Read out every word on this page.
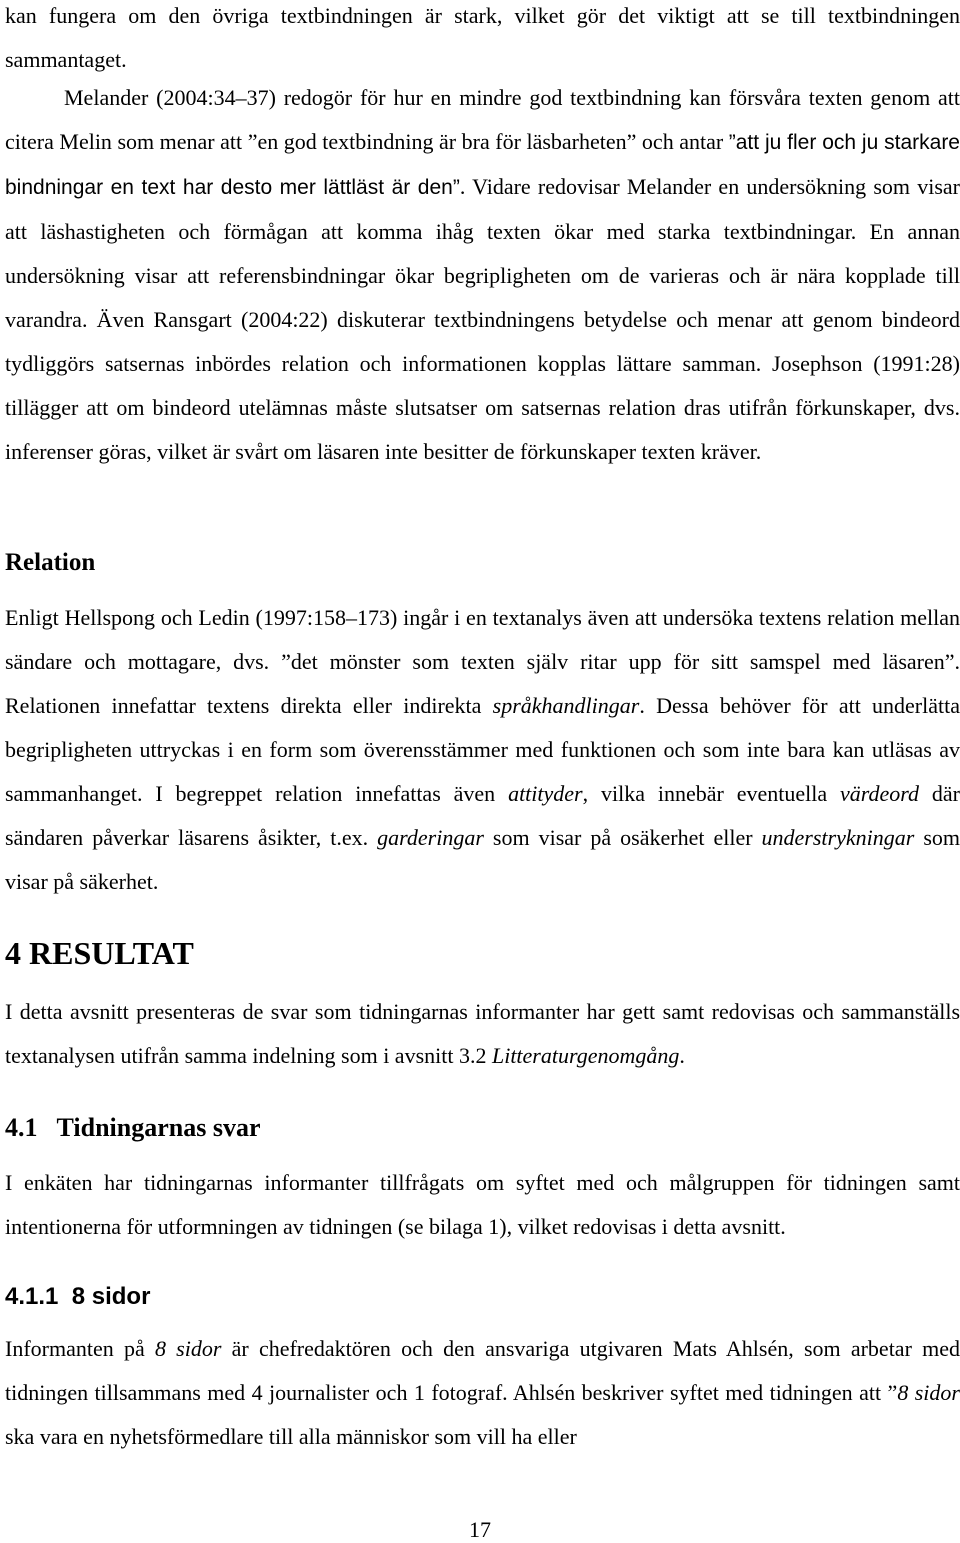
kan fungera om den övriga textbindningen är stark, vilket gör det viktigt att se till textbindningen sammantaget.

Melander (2004:34–37) redogör för hur en mindre god textbindning kan försvåra texten genom att citera Melin som menar att ”en god textbindning är bra för läsbarheten” och antar ”att ju fler och ju starkare bindningar en text har desto mer lättläst är den”. Vidare redovisar Melander en undersökning som visar att läshastigheten och förmågan att komma ihåg texten ökar med starka textbindningar. En annan undersökning visar att referensbindningar ökar begripligheten om de varieras och är nära kopplade till varandra. Även Ransgart (2004:22) diskuterar textbindningens betydelse och menar att genom bindeord tydliggörs satsernas inbördes relation och informationen kopplas lättare samman. Josephson (1991:28) tillägger att om bindeord utelämnas måste slutsatser om satsernas relation dras utifrån förkunskaper, dvs. inferenser göras, vilket är svårt om läsaren inte besitter de förkunskaper texten kräver.

Relation

Enligt Hellspong och Ledin (1997:158–173) ingår i en textanalys även att undersöka textens relation mellan sändare och mottagare, dvs. ”det mönster som texten själv ritar upp för sitt samspel med läsaren”. Relationen innefattar textens direkta eller indirekta språkhandlingar. Dessa behöver för att underlätta begripligheten uttryckas i en form som överensstämmer med funktionen och som inte bara kan utläsas av sammanhanget. I begreppet relation innefattas även attityder, vilka innebär eventuella värdeord där sändaren påverkar läsarens åsikter, t.ex. garderingar som visar på osäkerhet eller understrykningar som visar på säkerhet.

4 RESULTAT

I detta avsnitt presenteras de svar som tidningarnas informanter har gett samt redovisas och sammanställs textanalysen utifrån samma indelning som i avsnitt 3.2 Litteraturgenomgång.

4.1   Tidningarnas svar

I enkäten har tidningarnas informanter tillfrågats om syftet med och målgruppen för tidningen samt intentionerna för utformningen av tidningen (se bilaga 1), vilket redovisas i detta avsnitt.

4.1.1  8 sidor

Informanten på 8 sidor är chefredaktören och den ansvariga utgivaren Mats Ahlsén, som arbetar med tidningen tillsammans med 4 journalister och 1 fotograf. Ahlsén beskriver syftet med tidningen att ”8 sidor ska vara en nyhetsförmedlare till alla människor som vill ha eller

17
